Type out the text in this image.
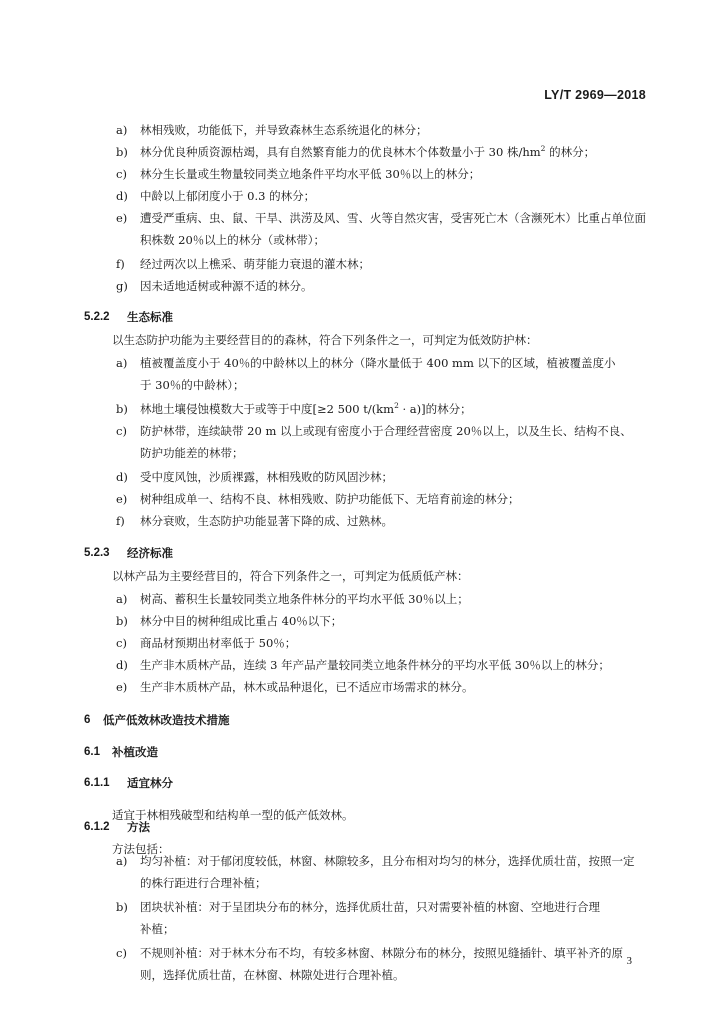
LY/T 2969—2018
a) 林相残败，功能低下，并导致森林生态系统退化的林分；
b) 林分优良种质资源枯竭，具有自然繁育能力的优良林木个体数量小于 30 株$/hm^2$ 的林分；
c) 林分生长量或生物量较同类立地条件平均水平低 30％以上的林分；
d) 中龄以上郁闭度小于 0.3 的林分；
e) 遭受严重病、虫、鼠、干旱、洪涝及风、雪、火等自然灾害，受害死亡木（含濒死木）比重占单位面
积株数 20％以上的林分（或林带）；
f) 经过两次以上樵采、萌芽能力衰退的灌木林；
g) 因未适地适树或种源不适的林分。
5.2.2 生态标准
以生态防护功能为主要经营目的的森林，符合下列条件之一，可判定为低效防护林：
a) 植被覆盖度小于 40％的中龄林以上的林分（降水量低于 400 mm 以下的区域，植被覆盖度小
于 30％的中龄林）；
b) 林地土壤侵蚀模数大于或等于中度[≥2 500 $t/(km^2 \cdot a)$]的林分；
c) 防护林带，连续缺带 20 m 以上或现有密度小于合理经营密度 20％以上，以及生长、结构不良、
防护功能差的林带；
d) 受中度风蚀，沙质裸露，林相残败的防风固沙林；
e) 树种组成单一、结构不良、林相残败、防护功能低下、无培育前途的林分；
f) 林分衰败，生态防护功能显著下降的成、过熟林。
5.2.3 经济标准
以林产品为主要经营目的，符合下列条件之一，可判定为低质低产林：
a) 树高、蓄积生长量较同类立地条件林分的平均水平低 30％以上；
b) 林分中目的树种组成比重占 40％以下；
c) 商品材预期出材率低于 50％；
d) 生产非木质林产品，连续 3 年产品产量较同类立地条件林分的平均水平低 30％以上的林分；
e) 生产非木质林产品，林木或品种退化，已不适应市场需求的林分。
6 低产低效林改造技术措施
6.1 补植改造
6.1.1 适宜林分
适宜于林相残破型和结构单一型的低产低效林。
6.1.2 方法
方法包括：
a) 均匀补植：对于郁闭度较低，林窗、林隙较多，且分布相对均匀的林分，选择优质壮苗，按照一定
的株行距进行合理补植；
b) 团块状补植：对于呈团块分布的林分，选择优质壮苗，只对需要补植的林窗、空地进行合理
补植；
c) 不规则补植：对于林木分布不均，有较多林窗、林隙分布的林分，按照见缝插针、填平补齐的原
则，选择优质壮苗，在林窗、林隙处进行合理补植。
3
